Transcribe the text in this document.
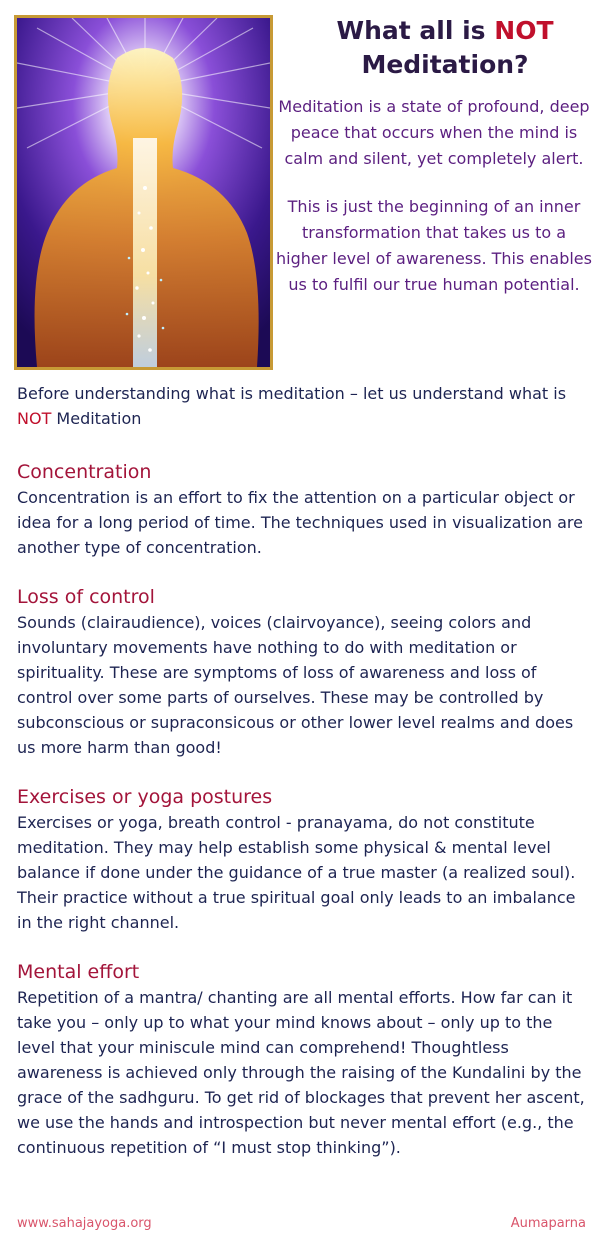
What all is NOT
Meditation?

Meditation is a state of profound, deep peace that occurs when the mind is calm and silent, yet completely alert.

This is just the beginning of an inner transformation that takes us to a higher level of awareness. This enables us to fulfil our true human potential.

Before understanding what is meditation – let us understand what is NOT Meditation
Concentration

Concentration is an effort to fix the attention on a particular object or idea for a long period of time. The techniques used in visualization are another type of concentration.

Loss of control

Sounds (clairaudience), voices (clairvoyance), seeing colors and involuntary movements have nothing to do with meditation or spirituality. These are symptoms of loss of awareness and loss of control over some parts of ourselves. These may be controlled by subconscious or supraconsicous or other lower level realms and does us more harm than good!

Exercises or yoga postures

Exercises or yoga, breath control - pranayama, do not constitute meditation. They may help establish some physical & mental level balance if done under the guidance of a true master (a realized soul). Their practice without a true spiritual goal only leads to an imbalance in the right channel.

Mental effort

Repetition of a mantra/ chanting are all mental efforts. How far can it take you – only up to what your mind knows about – only up to the level that your miniscule mind can comprehend! Thoughtless awareness is achieved only through the raising of the Kundalini by the grace of the sadhguru. To get rid of blockages that prevent her ascent, we use the hands and introspection but never mental effort (e.g., the continuous repetition of “I must stop thinking”).

www.sahajayoga.org	Aumaparna
